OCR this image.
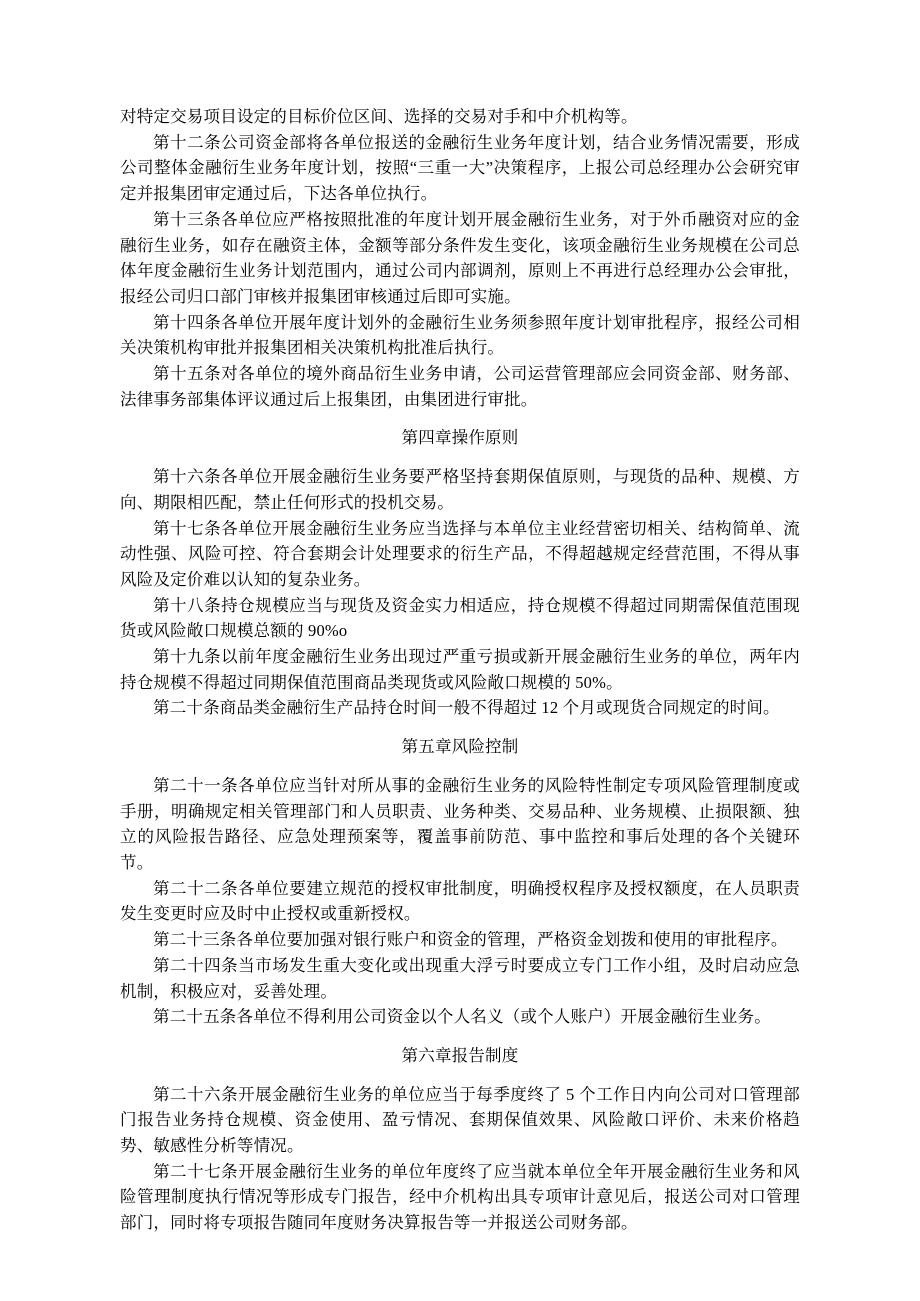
对特定交易项目设定的目标价位区间、选择的交易对手和中介机构等。

第十二条公司资金部将各单位报送的金融衍生业务年度计划，结合业务情况需要，形成公司整体金融衍生业务年度计划，按照“三重一大”决策程序，上报公司总经理办公会研究审定并报集团审定通过后，下达各单位执行。

第十三条各单位应严格按照批准的年度计划开展金融衍生业务，对于外币融资对应的金融衍生业务，如存在融资主体，金额等部分条件发生变化，该项金融衍生业务规模在公司总体年度金融衍生业务计划范围内，通过公司内部调剂，原则上不再进行总经理办公会审批，报经公司归口部门审核并报集团审核通过后即可实施。

第十四条各单位开展年度计划外的金融衍生业务须参照年度计划审批程序，报经公司相关决策机构审批并报集团相关决策机构批准后执行。

第十五条对各单位的境外商品衍生业务申请，公司运营管理部应会同资金部、财务部、法律事务部集体评议通过后上报集团，由集团进行审批。

第四章操作原则

第十六条各单位开展金融衍生业务要严格坚持套期保值原则，与现货的品种、规模、方向、期限相匹配，禁止任何形式的投机交易。

第十七条各单位开展金融衍生业务应当选择与本单位主业经营密切相关、结构简单、流动性强、风险可控、符合套期会计处理要求的衍生产品，不得超越规定经营范围，不得从事风险及定价难以认知的复杂业务。

第十八条持仓规模应当与现货及资金实力相适应，持仓规模不得超过同期需保值范围现货或风险敞口规模总额的 90%o

第十九条以前年度金融衍生业务出现过严重亏损或新开展金融衍生业务的单位，两年内持仓规模不得超过同期保值范围商品类现货或风险敞口规模的 50%。

第二十条商品类金融衍生产品持仓时间一般不得超过 12 个月或现货合同规定的时间。

第五章风险控制

第二十一条各单位应当针对所从事的金融衍生业务的风险特性制定专项风险管理制度或手册，明确规定相关管理部门和人员职责、业务种类、交易品种、业务规模、止损限额、独立的风险报告路径、应急处理预案等，覆盖事前防范、事中监控和事后处理的各个关键环节。

第二十二条各单位要建立规范的授权审批制度，明确授权程序及授权额度，在人员职责发生变更时应及时中止授权或重新授权。

第二十三条各单位要加强对银行账户和资金的管理，严格资金划拨和使用的审批程序。

第二十四条当市场发生重大变化或出现重大浮亏时要成立专门工作小组，及时启动应急机制，积极应对，妥善处理。

第二十五条各单位不得利用公司资金以个人名义（或个人账户）开展金融衍生业务。

第六章报告制度

第二十六条开展金融衍生业务的单位应当于每季度终了 5 个工作日内向公司对口管理部门报告业务持仓规模、资金使用、盈亏情况、套期保值效果、风险敞口评价、未来价格趋势、敏感性分析等情况。

第二十七条开展金融衍生业务的单位年度终了应当就本单位全年开展金融衍生业务和风险管理制度执行情况等形成专门报告，经中介机构出具专项审计意见后，报送公司对口管理部门，同时将专项报告随同年度财务决算报告等一并报送公司财务部。
